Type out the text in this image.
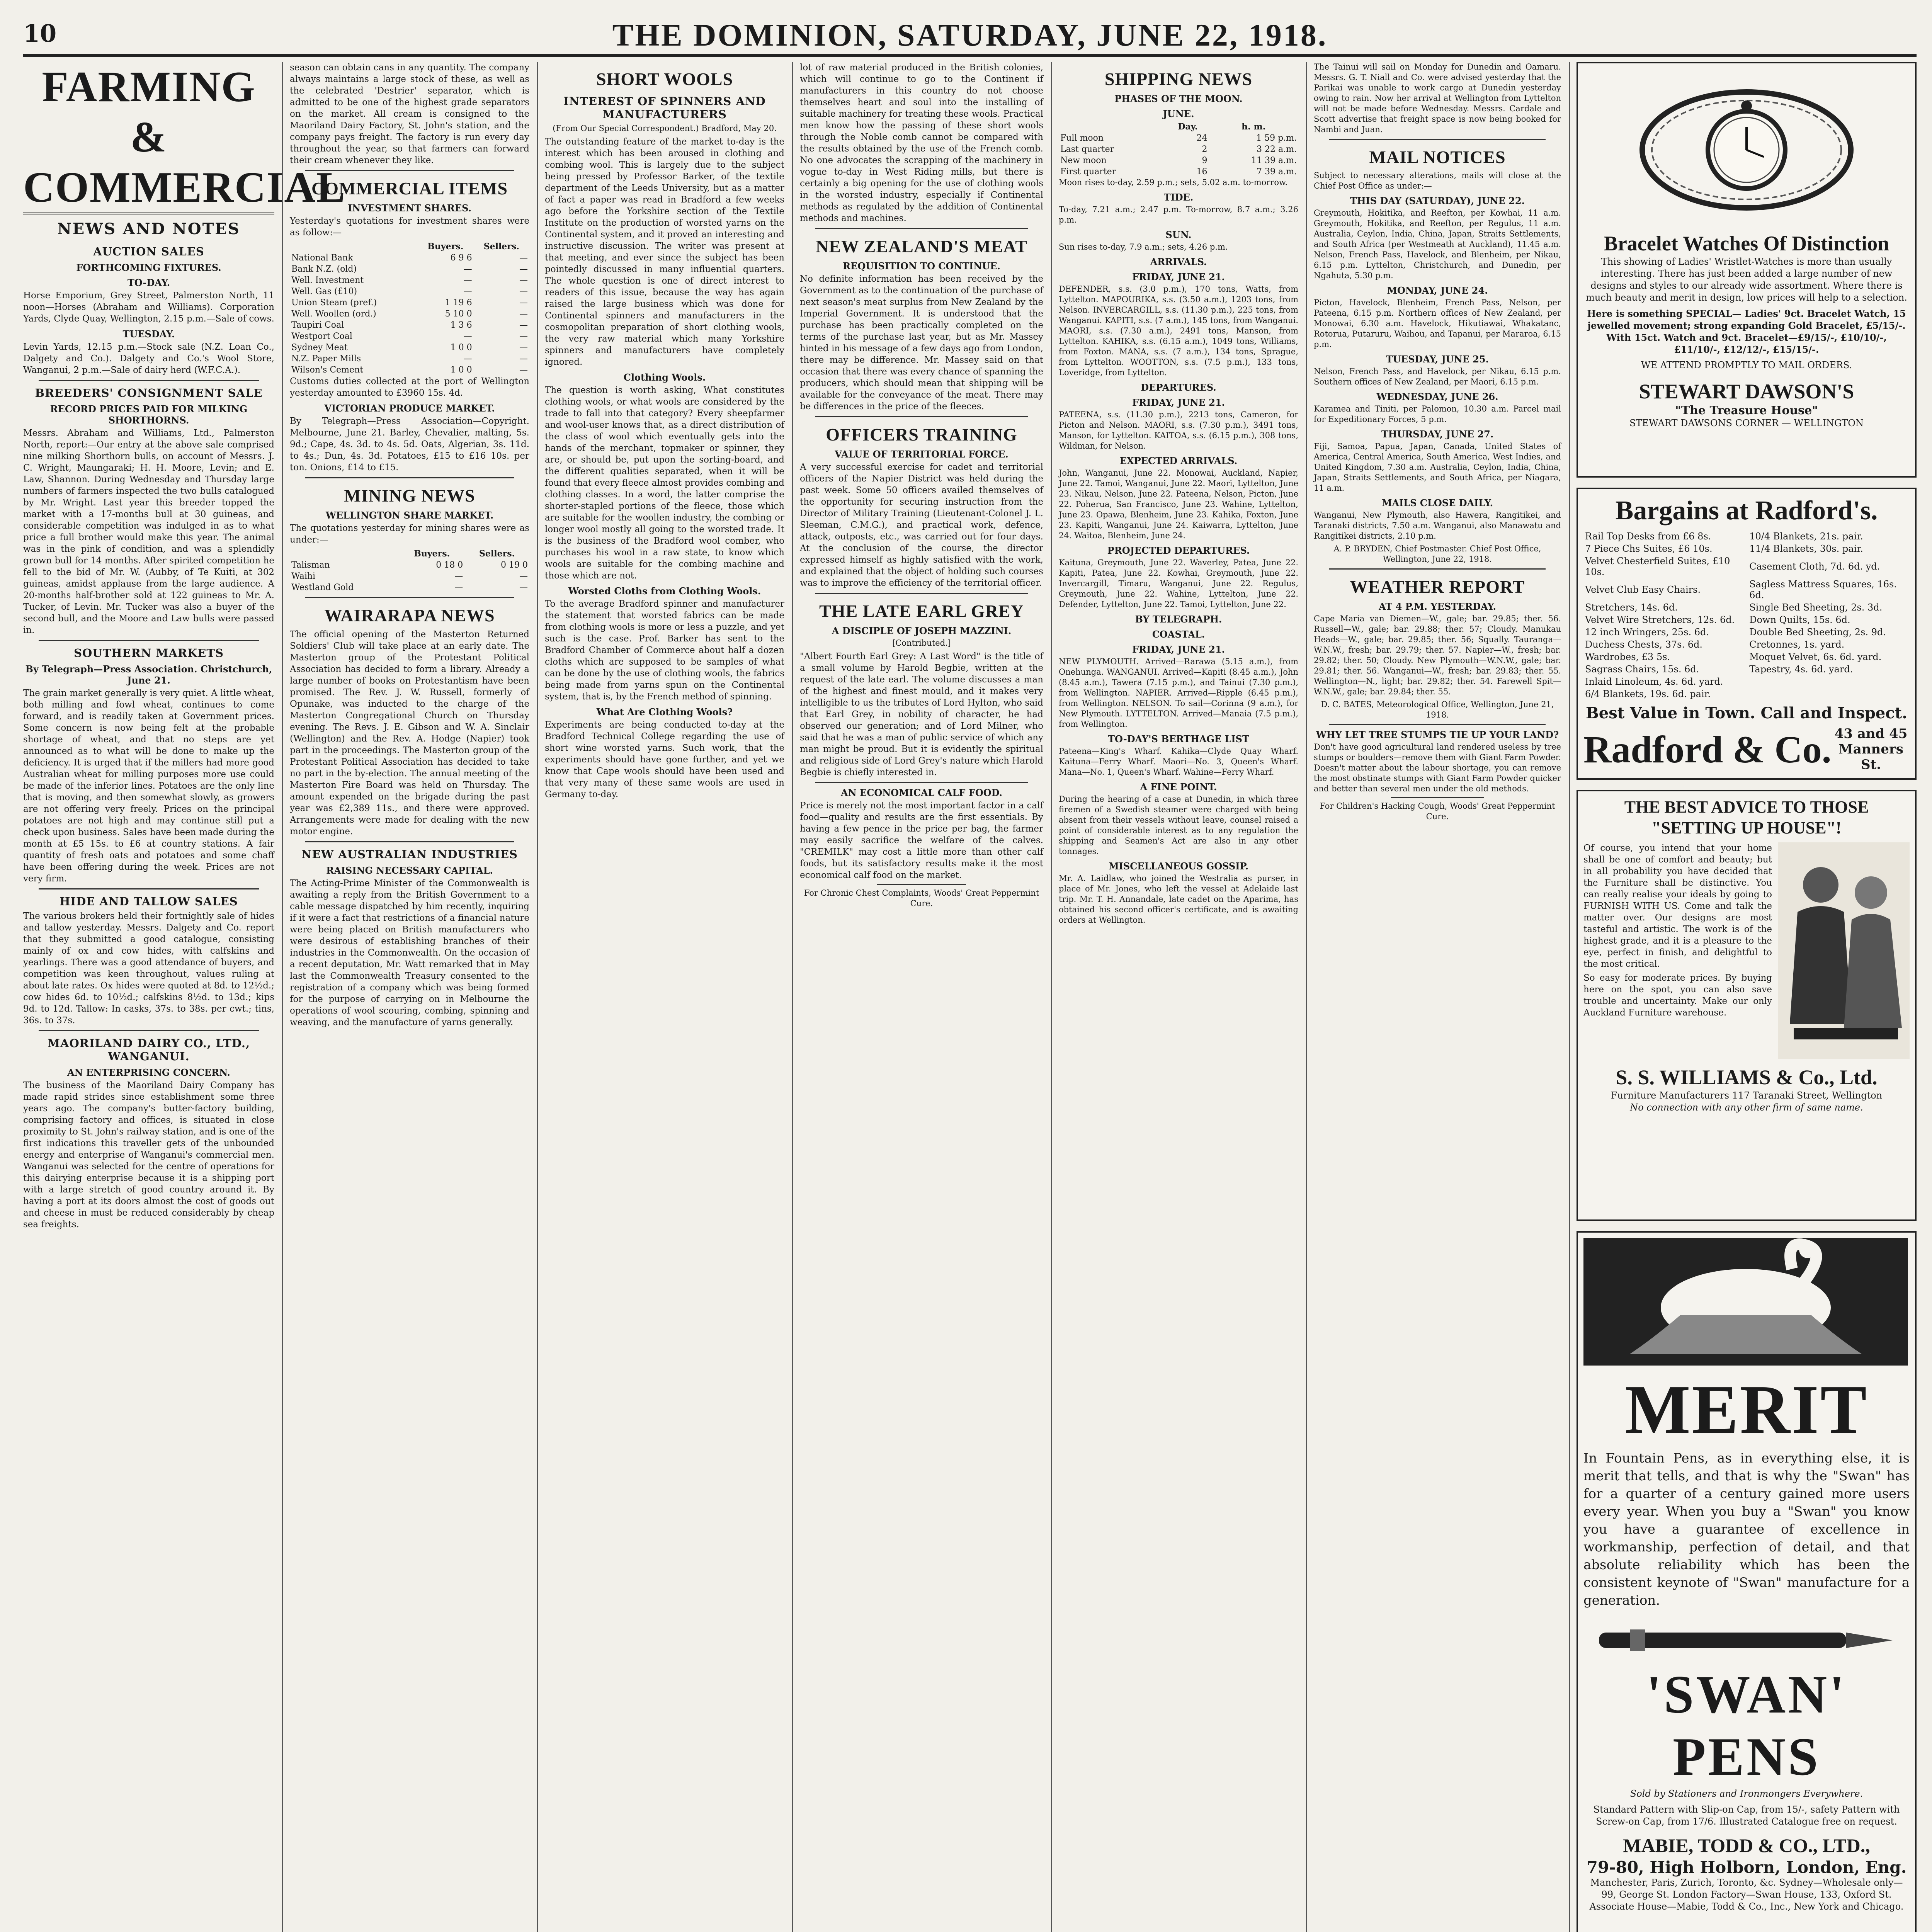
10	THE DOMINION, SATURDAY, JUNE 22, 1918.
FARMING & COMMERCIAL
NEWS AND NOTES
AUCTION SALES
FORTHCOMING FIXTURES.
TO-DAY.
Horse Emporium, Grey Street, Palmerston North, 11 noon—Horses (Abraham and Williams). Corporation Yards, Clyde Quay, Wellington, 2.15 p.m.—Sale of cows.
TUESDAY.
Levin Yards, 12.15 p.m.—Stock sale (N.Z. Loan Co., Dalgety and Co.). Dalgety and Co.'s Wool Store, Wanganui, 2 p.m.—Sale of dairy herd (W.F.C.A.).
BREEDERS' CONSIGNMENT SALE
RECORD PRICES PAID FOR MILKING SHORTHORNS.
Messrs. Abraham and Williams, Ltd., Palmerston North, report:—Our entry at the above sale comprised nine milking Shorthorn bulls, on account of Messrs. J. C. Wright, Maungaraki; H. H. Moore, Levin; and E. Law, Shannon. During Wednesday and Thursday large numbers of farmers inspected the two bulls catalogued by Mr. Wright. Last year this breeder topped the market with a 17-months bull at 30 guineas, and considerable competition was indulged in as to what price a full brother would make this year. The animal was in the pink of condition, and was a splendidly grown bull for 14 months. After spirited competition he fell to the bid of Mr. W. (Aubby, of Te Kuiti, at 302 guineas, amidst applause from the large audience. A 20-months half-brother sold at 122 guineas to Mr. A. Tucker, of Levin. Mr. Tucker was also a buyer of the second bull, and the Moore and Law bulls were passed in.
SOUTHERN MARKETS
By Telegraph—Press Association. Christchurch, June 21.
The grain market generally is very quiet. A little wheat, both milling and fowl wheat, continues to come forward, and is readily taken at Government prices. Some concern is now being felt at the probable shortage of wheat, and that no steps are yet announced as to what will be done to make up the deficiency. It is urged that if the millers had more good Australian wheat for milling purposes more use could be made of the inferior lines. Potatoes are the only line that is moving, and then somewhat slowly, as growers are not offering very freely. Prices on the principal potatoes are not high and may continue still put a check upon business. Sales have been made during the month at £5 15s. to £6 at country stations. A fair quantity of fresh oats and potatoes and some chaff have been offering during the week. Prices are not very firm.
HIDE AND TALLOW SALES
The various brokers held their fortnightly sale of hides and tallow yesterday. Messrs. Dalgety and Co. report that they submitted a good catalogue, consisting mainly of ox and cow hides, with calfskins and yearlings. There was a good attendance of buyers, and competition was keen throughout, values ruling at about late rates. Ox hides were quoted at 8d. to 12½d.; cow hides 6d. to 10½d.; calfskins 8½d. to 13d.; kips 9d. to 12d. Tallow: In casks, 37s. to 38s. per cwt.; tins, 36s. to 37s.
MAORILAND DAIRY CO., LTD., WANGANUI.
AN ENTERPRISING CONCERN.
The business of the Maoriland Dairy Company has made rapid strides since establishment some three years ago. The company's butter-factory building, comprising factory and offices, is situated in close proximity to St. John's railway station, and is one of the first indications this traveller gets of the unbounded energy and enterprise of Wanganui's commercial men. Wanganui was selected for the centre of operations for this dairying enterprise because it is a shipping port with a large stretch of good country around it. By having a port at its doors almost the cost of goods out and cheese in must be reduced considerably by cheap sea freights.
season can obtain cans in any quantity. The company always maintains a large stock of these, as well as the celebrated 'Destrier' separator, which is admitted to be one of the highest grade separators on the market. All cream is consigned to the Maoriland Dairy Factory, St. John's station, and the company pays freight. The factory is run every day throughout the year, so that farmers can forward their cream whenever they like.
COMMERCIAL ITEMS
INVESTMENT SHARES.
Yesterday's quotations for investment shares were as follow:—
	Buyers.	Sellers.
National Bank	6 9 6	—
Bank N.Z. (old)	—	—
Well. Investment	—	—
Well. Gas (£10)	—	—
Union Steam (pref.)	1 19 6	—
Well. Woollen (ord.)	5 10 0	—
Taupiri Coal	1 3 6	—
Westport Coal	—	—
Sydney Meat	1 0 0	—
N.Z. Paper Mills	—	—
Wilson's Cement	1 0 0	—
Customs duties collected at the port of Wellington yesterday amounted to £3960 15s. 4d.
VICTORIAN PRODUCE MARKET.
By Telegraph—Press Association—Copyright. Melbourne, June 21. Barley, Chevalier, malting, 5s. 9d.; Cape, 4s. 3d. to 4s. 5d. Oats, Algerian, 3s. 11d. to 4s.; Dun, 4s. 3d. Potatoes, £15 to £16 10s. per ton. Onions, £14 to £15.
MINING NEWS
WELLINGTON SHARE MARKET.
The quotations yesterday for mining shares were as under:—
	Buyers.	Sellers.
Talisman	0 18 0	0 19 0
Waihi	—	—
Westland Gold	—	—
WAIRARAPA NEWS
The official opening of the Masterton Returned Soldiers' Club will take place at an early date. The Masterton group of the Protestant Political Association has decided to form a library. Already a large number of books on Protestantism have been promised. The Rev. J. W. Russell, formerly of Opunake, was inducted to the charge of the Masterton Congregational Church on Thursday evening. The Revs. J. E. Gibson and W. A. Sinclair (Wellington) and the Rev. A. Hodge (Napier) took part in the proceedings. The Masterton group of the Protestant Political Association has decided to take no part in the by-election. The annual meeting of the Masterton Fire Board was held on Thursday. The amount expended on the brigade during the past year was £2,389 11s., and there were approved. Arrangements were made for dealing with the new motor engine.
NEW AUSTRALIAN INDUSTRIES
RAISING NECESSARY CAPITAL.
The Acting-Prime Minister of the Commonwealth is awaiting a reply from the British Government to a cable message dispatched by him recently, inquiring if it were a fact that restrictions of a financial nature were being placed on British manufacturers who were desirous of establishing branches of their industries in the Commonwealth. On the occasion of a recent deputation, Mr. Watt remarked that in May last the Commonwealth Treasury consented to the registration of a company which was being formed for the purpose of carrying on in Melbourne the operations of wool scouring, combing, spinning and weaving, and the manufacture of yarns generally.
SHORT WOOLS
INTEREST OF SPINNERS AND MANUFACTURERS
(From Our Special Correspondent.) Bradford, May 20.
The outstanding feature of the market to-day is the interest which has been aroused in clothing and combing wool. This is largely due to the subject being pressed by Professor Barker, of the textile department of the Leeds University, but as a matter of fact a paper was read in Bradford a few weeks ago before the Yorkshire section of the Textile Institute on the production of worsted yarns on the Continental system, and it proved an interesting and instructive discussion. The writer was present at that meeting, and ever since the subject has been pointedly discussed in many influential quarters. The whole question is one of direct interest to readers of this issue, because the way has again raised the large business which was done for Continental spinners and manufacturers in the cosmopolitan preparation of short clothing wools, the very raw material which many Yorkshire spinners and manufacturers have completely ignored.
Clothing Wools.
The question is worth asking, What constitutes clothing wools, or what wools are considered by the trade to fall into that category? Every sheepfarmer and wool-user knows that, as a direct distribution of the class of wool which eventually gets into the hands of the merchant, topmaker or spinner, they are, or should be, put upon the sorting-board, and the different qualities separated, when it will be found that every fleece almost provides combing and clothing classes. In a word, the latter comprise the shorter-stapled portions of the fleece, those which are suitable for the woollen industry, the combing or longer wool mostly all going to the worsted trade. It is the business of the Bradford wool comber, who purchases his wool in a raw state, to know which wools are suitable for the combing machine and those which are not.
Worsted Cloths from Clothing Wools.
To the average Bradford spinner and manufacturer the statement that worsted fabrics can be made from clothing wools is more or less a puzzle, and yet such is the case. Prof. Barker has sent to the Bradford Chamber of Commerce about half a dozen cloths which are supposed to be samples of what can be done by the use of clothing wools, the fabrics being made from yarns spun on the Continental system, that is, by the French method of spinning.
What Are Clothing Wools?
Experiments are being conducted to-day at the Bradford Technical College regarding the use of short wine worsted yarns. Such work, that the experiments should have gone further, and yet we know that Cape wools should have been used and that very many of these same wools are used in Germany to-day.
lot of raw material produced in the British colonies, which will continue to go to the Continent if manufacturers in this country do not choose themselves heart and soul into the installing of suitable machinery for treating these wools. Practical men know how the passing of these short wools through the Noble comb cannot be compared with the results obtained by the use of the French comb. No one advocates the scrapping of the machinery in vogue to-day in West Riding mills, but there is certainly a big opening for the use of clothing wools in the worsted industry, especially if Continental methods as regulated by the addition of Continental methods and machines.
NEW ZEALAND'S MEAT
REQUISITION TO CONTINUE.
No definite information has been received by the Government as to the continuation of the purchase of next season's meat surplus from New Zealand by the Imperial Government. It is understood that the purchase has been practically completed on the terms of the purchase last year, but as Mr. Massey hinted in his message of a few days ago from London, there may be difference. Mr. Massey said on that occasion that there was every chance of spanning the producers, which should mean that shipping will be available for the conveyance of the meat. There may be differences in the price of the fleeces.
OFFICERS TRAINING
VALUE OF TERRITORIAL FORCE.
A very successful exercise for cadet and territorial officers of the Napier District was held during the past week. Some 50 officers availed themselves of the opportunity for securing instruction from the Director of Military Training (Lieutenant-Colonel J. L. Sleeman, C.M.G.), and practical work, defence, attack, outposts, etc., was carried out for four days. At the conclusion of the course, the director expressed himself as highly satisfied with the work, and explained that the object of holding such courses was to improve the efficiency of the territorial officer.
THE LATE EARL GREY
A DISCIPLE OF JOSEPH MAZZINI.
[Contributed.]
"Albert Fourth Earl Grey: A Last Word" is the title of a small volume by Harold Begbie, written at the request of the late earl. The volume discusses a man of the highest and finest mould, and it makes very intelligible to us the tributes of Lord Hylton, who said that Earl Grey, in nobility of character, he had observed our generation; and of Lord Milner, who said that he was a man of public service of which any man might be proud. But it is evidently the spiritual and religious side of Lord Grey's nature which Harold Begbie is chiefly interested in.
AN ECONOMICAL CALF FOOD.
Price is merely not the most important factor in a calf food—quality and results are the first essentials. By having a few pence in the price per bag, the farmer may easily sacrifice the welfare of the calves. "CREMILK" may cost a little more than other calf foods, but its satisfactory results make it the most economical calf food on the market.
For Chronic Chest Complaints, Woods' Great Peppermint Cure.
SHIPPING NEWS
PHASES OF THE MOON.
JUNE.
	Day.	h. m.
Full moon	24	1 59 p.m.
Last quarter	2	3 22 a.m.
New moon	9	11 39 a.m.
First quarter	16	7 39 a.m.
Moon rises to-day, 2.59 p.m.; sets, 5.02 a.m. to-morrow.
TIDE.
To-day, 7.21 a.m.; 2.47 p.m. To-morrow, 8.7 a.m.; 3.26 p.m.
SUN.
Sun rises to-day, 7.9 a.m.; sets, 4.26 p.m.
ARRIVALS.
FRIDAY, JUNE 21.
DEFENDER, s.s. (3.0 p.m.), 170 tons, Watts, from Lyttelton. MAPOURIKA, s.s. (3.50 a.m.), 1203 tons, from Nelson. INVERCARGILL, s.s. (11.30 p.m.), 225 tons, from Wanganui. KAPITI, s.s. (7 a.m.), 145 tons, from Wanganui. MAORI, s.s. (7.30 a.m.), 2491 tons, Manson, from Lyttelton. KAHIKA, s.s. (6.15 a.m.), 1049 tons, Williams, from Foxton. MANA, s.s. (7 a.m.), 134 tons, Sprague, from Lyttelton. WOOTTON, s.s. (7.5 p.m.), 133 tons, Loveridge, from Lyttelton.
DEPARTURES.
FRIDAY, JUNE 21.
PATEENA, s.s. (11.30 p.m.), 2213 tons, Cameron, for Picton and Nelson. MAORI, s.s. (7.30 p.m.), 3491 tons, Manson, for Lyttelton. KAITOA, s.s. (6.15 p.m.), 308 tons, Wildman, for Nelson.
EXPECTED ARRIVALS.
John, Wanganui, June 22. Monowai, Auckland, Napier, June 22. Tamoi, Wanganui, June 22. Maori, Lyttelton, June 23. Nikau, Nelson, June 22. Pateena, Nelson, Picton, June 22. Poherua, San Francisco, June 23. Wahine, Lyttelton, June 23. Opawa, Blenheim, June 23. Kahika, Foxton, June 23. Kapiti, Wanganui, June 24. Kaiwarra, Lyttelton, June 24. Waitoa, Blenheim, June 24.
PROJECTED DEPARTURES.
Kaituna, Greymouth, June 22. Waverley, Patea, June 22. Kapiti, Patea, June 22. Kowhai, Greymouth, June 22. Invercargill, Timaru, Wanganui, June 22. Regulus, Greymouth, June 22. Wahine, Lyttelton, June 22. Defender, Lyttelton, June 22. Tamoi, Lyttelton, June 22.
BY TELEGRAPH.
COASTAL.
FRIDAY, JUNE 21.
NEW PLYMOUTH. Arrived—Rarawa (5.15 a.m.), from Onehunga. WANGANUI. Arrived—Kapiti (8.45 a.m.), John (8.45 a.m.), Tawera (7.15 p.m.), and Tainui (7.30 p.m.), from Wellington. NAPIER. Arrived—Ripple (6.45 p.m.), from Wellington. NELSON. To sail—Corinna (9 a.m.), for New Plymouth. LYTTELTON. Arrived—Manaia (7.5 p.m.), from Wellington.
TO-DAY'S BERTHAGE LIST
Pateena—King's Wharf. Kahika—Clyde Quay Wharf. Kaituna—Ferry Wharf. Maori—No. 3, Queen's Wharf. Mana—No. 1, Queen's Wharf. Wahine—Ferry Wharf.
A FINE POINT.
During the hearing of a case at Dunedin, in which three firemen of a Swedish steamer were charged with being absent from their vessels without leave, counsel raised a point of considerable interest as to any regulation the shipping and Seamen's Act are also in any other tonnages.
MISCELLANEOUS GOSSIP.
Mr. A. Laidlaw, who joined the Westralia as purser, in place of Mr. Jones, who left the vessel at Adelaide last trip. Mr. T. H. Annandale, late cadet on the Aparima, has obtained his second officer's certificate, and is awaiting orders at Wellington.
The Tainui will sail on Monday for Dunedin and Oamaru. Messrs. G. T. Niall and Co. were advised yesterday that the Parikai was unable to work cargo at Dunedin yesterday owing to rain. Now her arrival at Wellington from Lyttelton will not be made before Wednesday. Messrs. Cardale and Scott advertise that freight space is now being booked for Nambi and Juan.
MAIL NOTICES
Subject to necessary alterations, mails will close at the Chief Post Office as under:—
THIS DAY (SATURDAY), JUNE 22.
Greymouth, Hokitika, and Reefton, per Kowhai, 11 a.m. Greymouth, Hokitika, and Reefton, per Regulus, 11 a.m. Australia, Ceylon, India, China, Japan, Straits Settlements, and South Africa (per Westmeath at Auckland), 11.45 a.m. Nelson, French Pass, Havelock, and Blenheim, per Nikau, 6.15 p.m. Lyttelton, Christchurch, and Dunedin, per Ngahuta, 5.30 p.m.
MONDAY, JUNE 24.
Picton, Havelock, Blenheim, French Pass, Nelson, per Pateena, 6.15 p.m. Northern offices of New Zealand, per Monowai, 6.30 a.m. Havelock, Hikutiawai, Whakatanc, Rotorua, Putaruru, Waihou, and Tapanui, per Mararoa, 6.15 p.m.
TUESDAY, JUNE 25.
Nelson, French Pass, and Havelock, per Nikau, 6.15 p.m. Southern offices of New Zealand, per Maori, 6.15 p.m.
WEDNESDAY, JUNE 26.
Karamea and Tiniti, per Palomon, 10.30 a.m. Parcel mail for Expeditionary Forces, 5 p.m.
THURSDAY, JUNE 27.
Fiji, Samoa, Papua, Japan, Canada, United States of America, Central America, South America, West Indies, and United Kingdom, 7.30 a.m. Australia, Ceylon, India, China, Japan, Straits Settlements, and South Africa, per Niagara, 11 a.m.
MAILS CLOSE DAILY.
Wanganui, New Plymouth, also Hawera, Rangitikei, and Taranaki districts, 7.50 a.m. Wanganui, also Manawatu and Rangitikei districts, 2.10 p.m.
A. P. BRYDEN, Chief Postmaster. Chief Post Office, Wellington, June 22, 1918.
WEATHER REPORT
AT 4 P.M. YESTERDAY.
Cape Maria van Diemen—W., gale; bar. 29.85; ther. 56. Russell—W., gale; bar. 29.88; ther. 57; Cloudy. Manukau Heads—W., gale; bar. 29.85; ther. 56; Squally. Tauranga—W.N.W., fresh; bar. 29.79; ther. 57. Napier—W., fresh; bar. 29.82; ther. 50; Cloudy. New Plymouth—W.N.W., gale; bar. 29.81; ther. 56. Wanganui—W., fresh; bar. 29.83; ther. 55. Wellington—N., light; bar. 29.82; ther. 54. Farewell Spit—W.N.W., gale; bar. 29.84; ther. 55.
D. C. BATES, Meteorological Office, Wellington, June 21, 1918.
WHY LET TREE STUMPS TIE UP YOUR LAND?
Don't have good agricultural land rendered useless by tree stumps or boulders—remove them with Giant Farm Powder. Doesn't matter about the labour shortage, you can remove the most obstinate stumps with Giant Farm Powder quicker and better than several men under the old methods.
For Children's Hacking Cough, Woods' Great Peppermint Cure.
Bracelet Watches Of Distinction
This showing of Ladies' Wristlet-Watches is more than usually interesting. There has just been added a large number of new designs and styles to our already wide assortment. Where there is much beauty and merit in design, low prices will help to a selection.
Here is something SPECIAL— Ladies' 9ct. Bracelet Watch, 15 jewelled movement; strong expanding Gold Bracelet, £5/15/-. With 15ct. Watch and 9ct. Bracelet—£9/15/-, £10/10/-, £11/10/-, £12/12/-, £15/15/-.
WE ATTEND PROMPTLY TO MAIL ORDERS.
STEWART DAWSON'S
"The Treasure House"
STEWART DAWSONS CORNER — WELLINGTON
Bargains at Radford's.
Rail Top Desks from £6 8s.	10/4 Blankets, 21s. pair.
7 Piece Chs Suites, £6 10s.	11/4 Blankets, 30s. pair.
Velvet Chesterfield Suites, £10 10s.	Casement Cloth, 7d. 6d. yd.
Velvet Club Easy Chairs.	Sagless Mattress Squares, 16s. 6d.
Stretchers, 14s. 6d.	Single Bed Sheeting, 2s. 3d.
Velvet Wire Stretchers, 12s. 6d.	Down Quilts, 15s. 6d.
12 inch Wringers, 25s. 6d.	Double Bed Sheeting, 2s. 9d.
Duchess Chests, 37s. 6d.	Cretonnes, 1s. yard.
Wardrobes, £3 5s.	Moquet Velvet, 6s. 6d. yard.
Sagrass Chairs, 15s. 6d.	Tapestry, 4s. 6d. yard.
Inlaid Linoleum, 4s. 6d. yard.	
6/4 Blankets, 19s. 6d. pair.	
Best Value in Town. Call and Inspect.
Radford & Co. 43 and 45 Manners St.
THE BEST ADVICE TO THOSE "SETTING UP HOUSE"!
Of course, you intend that your home shall be one of comfort and beauty; but in all probability you have decided that the Furniture shall be distinctive. You can really realise your ideals by going to FURNISH WITH US. Come and talk the matter over. Our designs are most tasteful and artistic. The work is of the highest grade, and it is a pleasure to the eye, perfect in finish, and delightful to the most critical.
So easy for moderate prices. By buying here on the spot, you can also save trouble and uncertainty. Make our only Auckland Furniture warehouse.
S. S. WILLIAMS & Co., Ltd.
Furniture Manufacturers 117 Taranaki Street, Wellington
No connection with any other firm of same name.
MERIT
In Fountain Pens, as in everything else, it is merit that tells, and that is why the "Swan" has for a quarter of a century gained more users every year. When you buy a "Swan" you know you have a guarantee of excellence in workmanship, perfection of detail, and that absolute reliability which has been the consistent keynote of "Swan" manufacture for a generation.
'SWAN' PENS
Sold by Stationers and Ironmongers Everywhere.
Standard Pattern with Slip-on Cap, from 15/-, safety Pattern with Screw-on Cap, from 17/6. Illustrated Catalogue free on request.
MABIE, TODD & CO., LTD.,
79-80, High Holborn, London, Eng.
Manchester, Paris, Zurich, Toronto, &c. Sydney—Wholesale only—99, George St. London Factory—Swan House, 133, Oxford St. Associate House—Mabie, Todd & Co., Inc., New York and Chicago.
